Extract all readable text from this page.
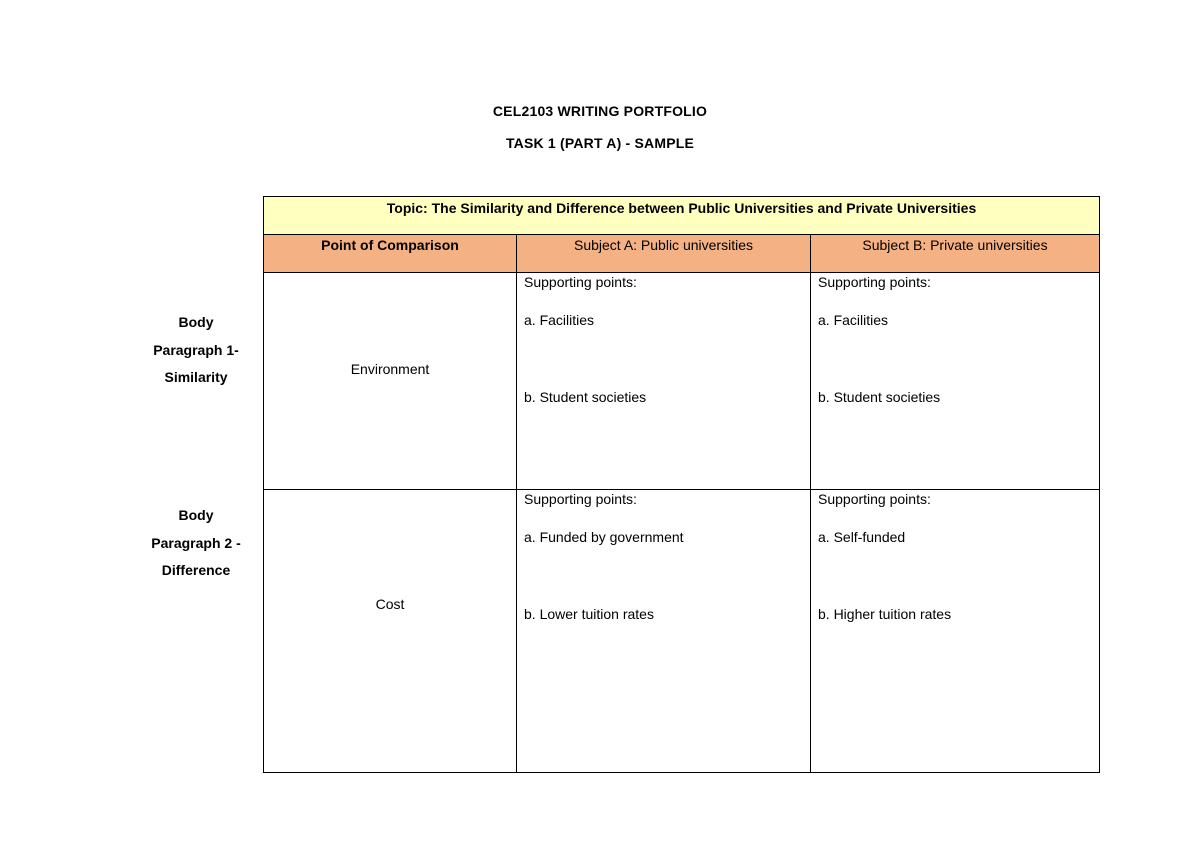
CEL2103 WRITING PORTFOLIO
TASK 1 (PART A) - SAMPLE
Body
Paragraph 1-
Similarity
Body
Paragraph 2 -
Difference
Topic: The Similarity and Difference between Public Universities and Private Universities		
Point of Comparison	Subject A: Public universities	Subject B: Private universities
Environment	Supporting points:
a. Facilities
b. Student societies	Supporting points:
a. Facilities
b. Student societies

Cost	Supporting points:
a. Funded by government
b. Lower tuition rates	Supporting points:
a. Self-funded
b. Higher tuition rates
